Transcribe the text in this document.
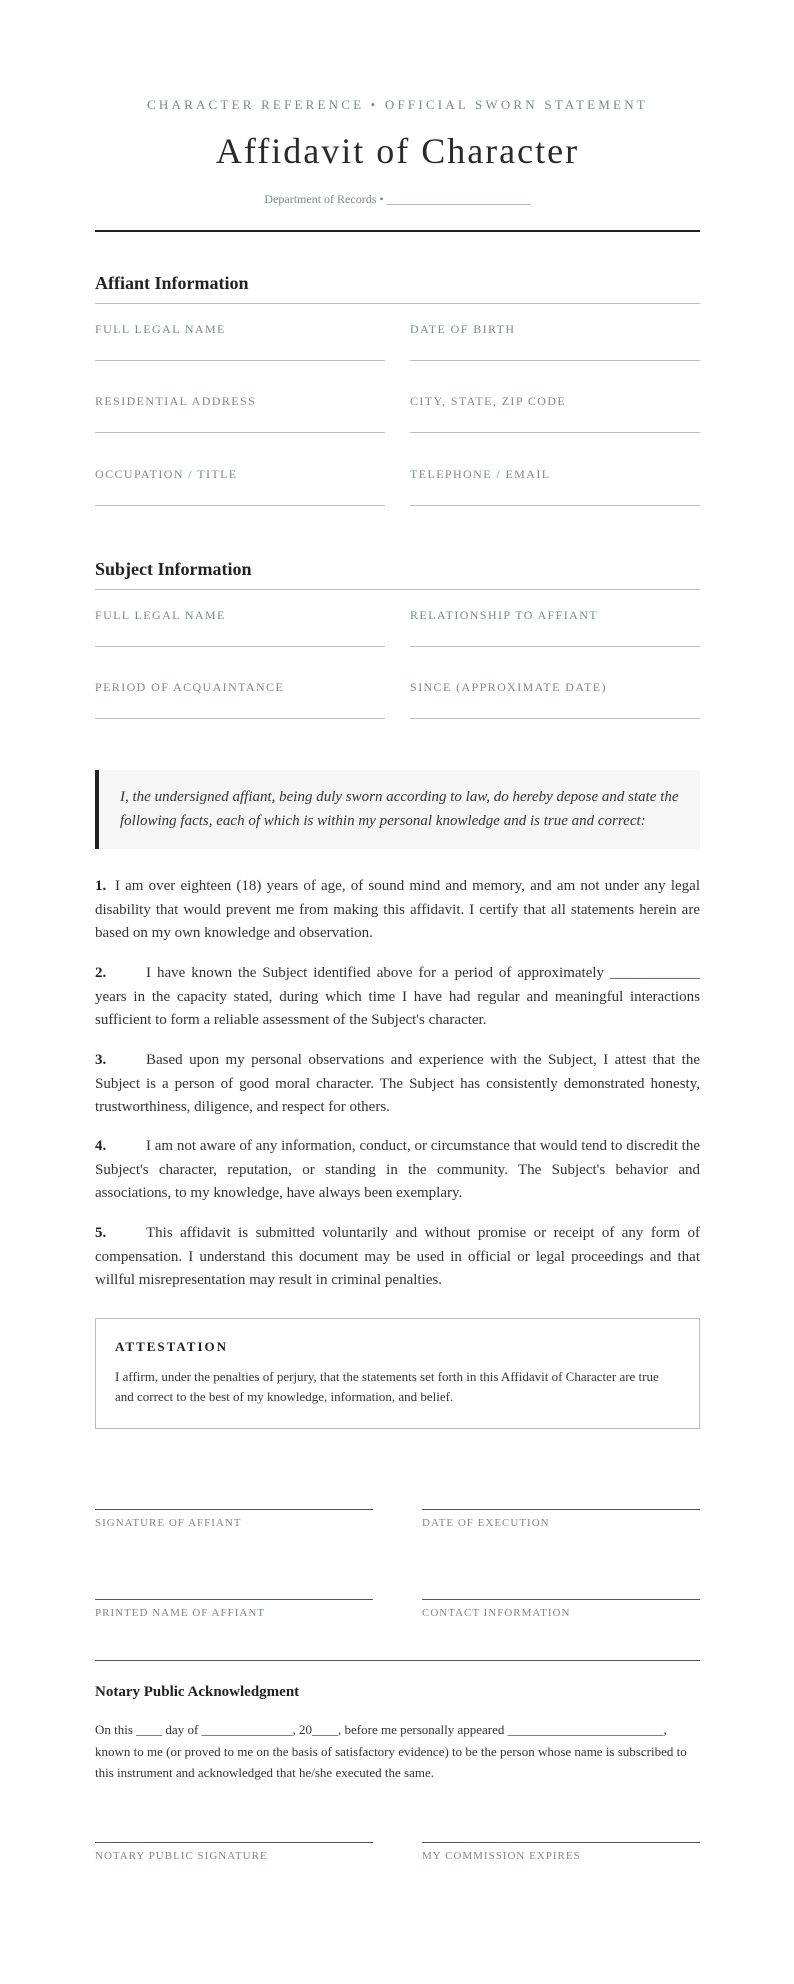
CHARACTER REFERENCE • OFFICIAL SWORN STATEMENT
Affidavit of Character
Department of Records • ________________________
Affiant Information
FULL LEGAL NAME	DATE OF BIRTH
RESIDENTIAL ADDRESS	CITY, STATE, ZIP CODE
OCCUPATION / TITLE	TELEPHONE / EMAIL
Subject Information
FULL LEGAL NAME	RELATIONSHIP TO AFFIANT
PERIOD OF ACQUAINTANCE	SINCE (APPROXIMATE DATE)
I, the undersigned affiant, being duly sworn according to law, do hereby depose and state the following facts, each of which is within my personal knowledge and is true and correct:
1. I am over eighteen (18) years of age, of sound mind and memory, and am not under any legal disability that would prevent me from making this affidavit. I certify that all statements herein are based on my own knowledge and observation.
2.	I have known the Subject identified above for a period of approximately ____________ years in the capacity stated, during which time I have had regular and meaningful interactions sufficient to form a reliable assessment of the Subject's character.
3.	Based upon my personal observations and experience with the Subject, I attest that the Subject is a person of good moral character. The Subject has consistently demonstrated honesty, trustworthiness, diligence, and respect for others.
4.	I am not aware of any information, conduct, or circumstance that would tend to discredit the Subject's character, reputation, or standing in the community. The Subject's behavior and associations, to my knowledge, have always been exemplary.
5.	This affidavit is submitted voluntarily and without promise or receipt of any form of compensation. I understand this document may be used in official or legal proceedings and that willful misrepresentation may result in criminal penalties.
ATTESTATION
I affirm, under the penalties of perjury, that the statements set forth in this Affidavit of Character are true and correct to the best of my knowledge, information, and belief.
SIGNATURE OF AFFIANT	DATE OF EXECUTION
PRINTED NAME OF AFFIANT	CONTACT INFORMATION
Notary Public Acknowledgment
On this ____ day of ______________, 20____, before me personally appeared ________________________, known to me (or proved to me on the basis of satisfactory evidence) to be the person whose name is subscribed to this instrument and acknowledged that he/she executed the same.
NOTARY PUBLIC SIGNATURE	MY COMMISSION EXPIRES
